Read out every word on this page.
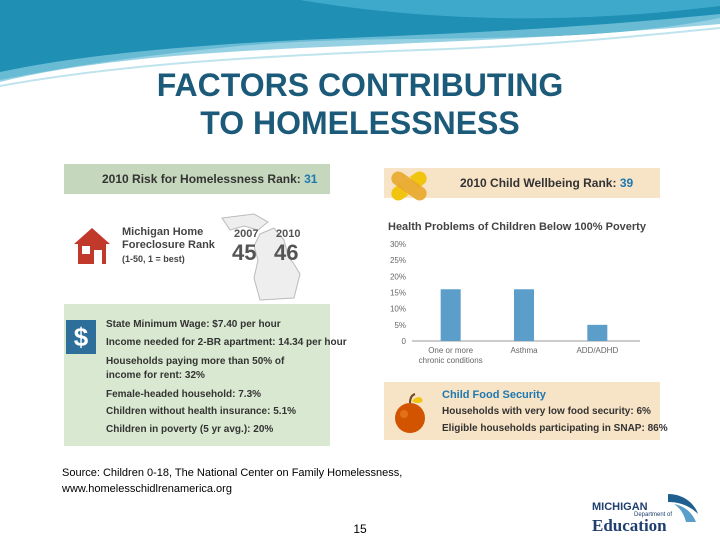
FACTORS CONTRIBUTING
TO HOMELESSNESS
2010 Risk for Homelessness Rank: 31
Michigan Home Foreclosure Rank
(1-50, 1 = best)
2007 2010
45 46
$	State Minimum Wage: $7.40 per hour
Income needed for 2-BR apartment: 14.34 per hour
Households paying more than 50% of
income for rent: 32%
Female-headed household: 7.3%
Children without health insurance: 5.1%
Children in poverty (5 yr avg.): 20%
2010 Child Wellbeing Rank: 39
Health Problems of Children Below 100% Poverty
0
5%
10%
15%
20%
25%
30%
One or more
chronic conditions
Asthma	ADD/ADHD
Child Food Security
Households with very low food security: 6%
Eligible households participating in SNAP: 86%
Source: Children 0-18, The National Center on Family Homelessness,
www.homelesschidlrenamerica.org
15
MICHIGAN
Department of
Education
